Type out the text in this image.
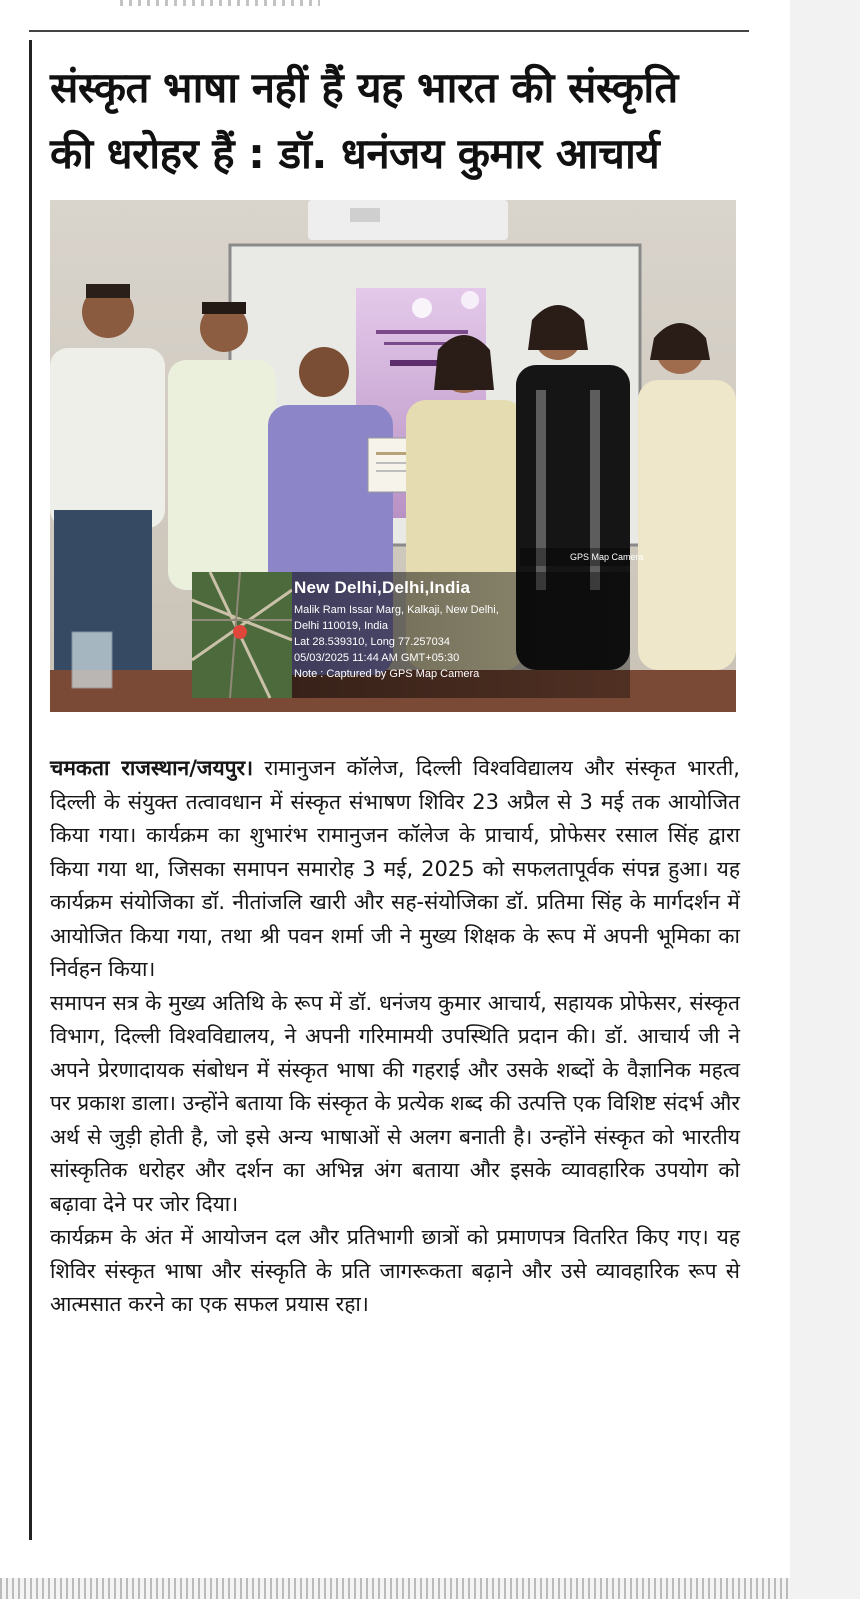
संस्कृत भाषा नहीं हैं यह भारत की संस्कृति
की धरोहर हैं : डॉ. धनंजय कुमार आचार्य
GPS Map Camera
New Delhi,Delhi,India
Malik Ram Issar Marg, Kalkaji, New Delhi,
Delhi 110019, India
Lat 28.539310, Long 77.257034
05/03/2025 11:44 AM GMT+05:30
Note : Captured by GPS Map Camera

चमकता राजस्थान/जयपुर। रामानुजन कॉलेज, दिल्ली विश्वविद्यालय और संस्कृत भारती, दिल्ली के संयुक्त तत्वावधान में संस्कृत संभाषण शिविर 23 अप्रैल से 3 मई तक आयोजित किया गया। कार्यक्रम का शुभारंभ रामानुजन कॉलेज के प्राचार्य, प्रोफेसर रसाल सिंह द्वारा किया गया था, जिसका समापन समारोह 3 मई, 2025 को सफलतापूर्वक संपन्न हुआ। यह कार्यक्रम संयोजिका डॉ. नीतांजलि खारी और सह-संयोजिका डॉ. प्रतिमा सिंह के मार्गदर्शन में आयोजित किया गया, तथा श्री पवन शर्मा जी ने मुख्य शिक्षक के रूप में अपनी भूमिका का निर्वहन किया।

समापन सत्र के मुख्य अतिथि के रूप में डॉ. धनंजय कुमार आचार्य, सहायक प्रोफेसर, संस्कृत विभाग, दिल्ली विश्वविद्यालय, ने अपनी गरिमामयी उपस्थिति प्रदान की। डॉ. आचार्य जी ने अपने प्रेरणादायक संबोधन में संस्कृत भाषा की गहराई और उसके शब्दों के वैज्ञानिक महत्व पर प्रकाश डाला। उन्होंने बताया कि संस्कृत के प्रत्येक शब्द की उत्पत्ति एक विशिष्ट संदर्भ और अर्थ से जुड़ी होती है, जो इसे अन्य भाषाओं से अलग बनाती है। उन्होंने संस्कृत को भारतीय सांस्कृतिक धरोहर और दर्शन का अभिन्न अंग बताया और इसके व्यावहारिक उपयोग को बढ़ावा देने पर जोर दिया।

कार्यक्रम के अंत में आयोजन दल और प्रतिभागी छात्रों को प्रमाणपत्र वितरित किए गए। यह शिविर संस्कृत भाषा और संस्कृति के प्रति जागरूकता बढ़ाने और उसे व्यावहारिक रूप से आत्मसात करने का एक सफल प्रयास रहा।
